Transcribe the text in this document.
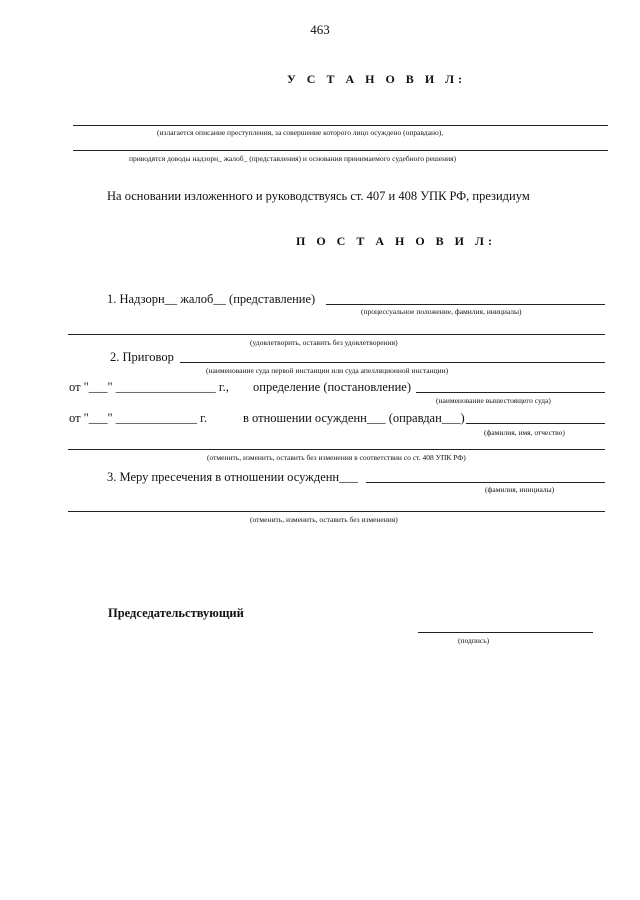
463
У С Т А Н О В И Л:
(излагается описание преступления, за совершение которого лицо осуждено (оправдано),
приводятся доводы надзорн_ жалоб_ (представления) и основания принимаемого судебного решения)
На основании изложенного и руководствуясь ст. 407 и 408 УПК РФ, президиум
П О С Т А Н О В И Л:
1. Надзорн__ жалоб__ (представление)
(процессуальное положение, фамилия, инициалы)
(удовлетворить, оставить без удовлетворения)
2. Приговор
(наименование суда первой инстанции или суда апелляционной инстанции)
от "___" ________________ г., определение (постановление)
(наименование вышестоящего суда)
от "___" _____________ г.	в отношении осужденн___ (оправдан___)
(фамилия, имя, отчество)
(отменить, изменить, оставить без изменения в соответствии со ст. 408 УПК РФ)
3. Меру пресечения в отношении осужденн___
(фамилия, инициалы)
(отменить, изменить, оставить без изменения)
Председательствующий
(подпись)
